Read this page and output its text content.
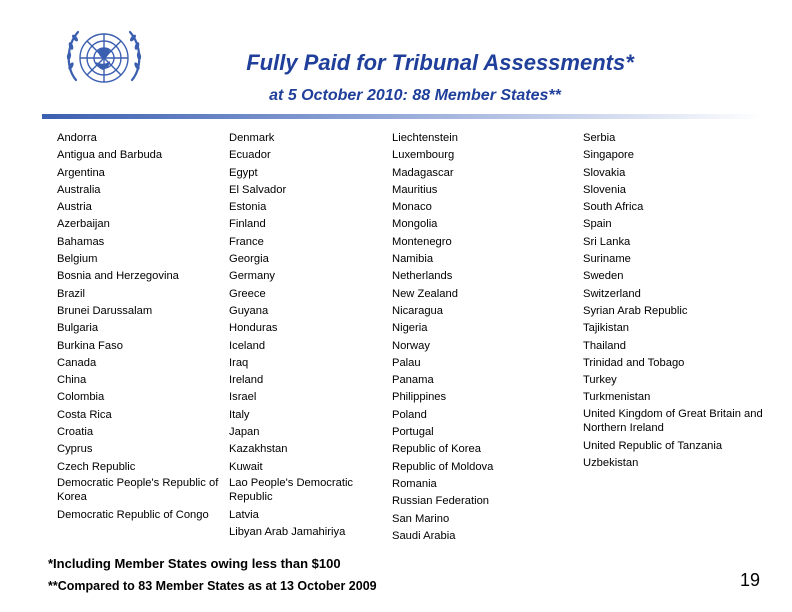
Fully Paid for Tribunal Assessments*
at 5 October 2010: 88 Member States**
Andorra
Antigua and Barbuda
Argentina
Australia
Austria
Azerbaijan
Bahamas
Belgium
Bosnia and Herzegovina
Brazil
Brunei Darussalam
Bulgaria
Burkina Faso
Canada
China
Colombia
Costa Rica
Croatia
Cyprus
Czech Republic
Democratic People's Republic of Korea
Democratic Republic of Congo
Denmark
Ecuador
Egypt
El Salvador
Estonia
Finland
France
Georgia
Germany
Greece
Guyana
Honduras
Iceland
Iraq
Ireland
Israel
Italy
Japan
Kazakhstan
Kuwait
Lao People's Democratic Republic
Latvia
Libyan Arab Jamahiriya
Liechtenstein
Luxembourg
Madagascar
Mauritius
Monaco
Mongolia
Montenegro
Namibia
Netherlands
New Zealand
Nicaragua
Nigeria
Norway
Palau
Panama
Philippines
Poland
Portugal
Republic of Korea
Republic of Moldova
Romania
Russian Federation
San Marino
Saudi Arabia
Serbia
Singapore
Slovakia
Slovenia
South Africa
Spain
Sri Lanka
Suriname
Sweden
Switzerland
Syrian Arab Republic
Tajikistan
Thailand
Trinidad and Tobago
Turkey
Turkmenistan
United Kingdom of Great Britain and Northern Ireland
United Republic of Tanzania
Uzbekistan

*Including Member States owing less than $100

**Compared to 83 Member States as at 13 October 2009	19
